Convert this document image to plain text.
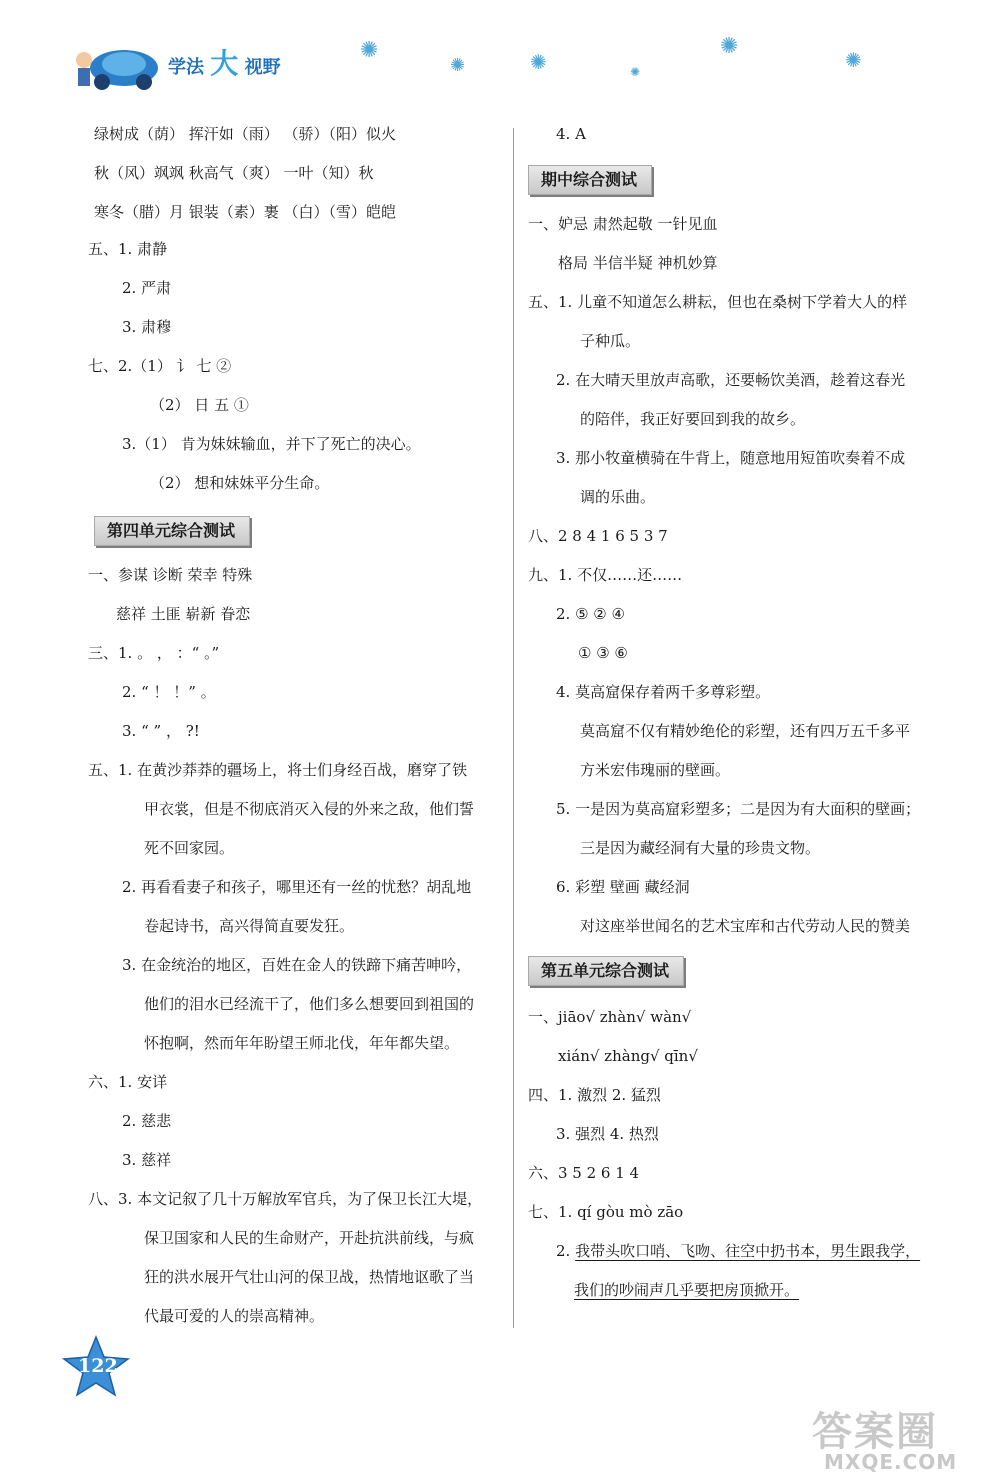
学法 大 视野
✺
✺	✺
✺
✺
✺
绿树成（荫） 挥汗如（雨） （骄）（阳）似火
秋（风）飒飒 秋高气（爽） 一叶（知）秋
寒冬（腊）月 银装（素）裹 （白）（雪）皑皑
五、1. 肃静
2. 严肃
3. 肃穆
七、2.（1） 讠 七 ②
（2） 日 五 ①
3.（1） 肯为妹妹输血，并下了死亡的决心。
（2） 想和妹妹平分生命。
第四单元综合测试
一、参谋 诊断 荣幸 特殊
慈祥 土匪 崭新 眷恋
三、1. 。 ， ：“ 。”
2. “ ！ ！” 。
3. “ ” ， ?!
五、1. 在黄沙莽莽的疆场上，将士们身经百战，磨穿了铁
甲衣裳，但是不彻底消灭入侵的外来之敌，他们誓
死不回家园。
2. 再看看妻子和孩子，哪里还有一丝的忧愁？胡乱地
卷起诗书，高兴得简直要发狂。
3. 在金统治的地区，百姓在金人的铁蹄下痛苦呻吟，
他们的泪水已经流干了，他们多么想要回到祖国的
怀抱啊，然而年年盼望王师北伐，年年都失望。
六、1. 安详
2. 慈悲
3. 慈祥
八、3. 本文记叙了几十万解放军官兵，为了保卫长江大堤，
保卫国家和人民的生命财产，开赴抗洪前线，与疯
狂的洪水展开气壮山河的保卫战，热情地讴歌了当
代最可爱的人的崇高精神。
4. A
期中综合测试
一、妒忌 肃然起敬 一针见血
格局 半信半疑 神机妙算
五、1. 儿童不知道怎么耕耘，但也在桑树下学着大人的样
子种瓜。
2. 在大晴天里放声高歌，还要畅饮美酒，趁着这春光
的陪伴，我正好要回到我的故乡。
3. 那小牧童横骑在牛背上，随意地用短笛吹奏着不成
调的乐曲。
八、2 8 4 1 6 5 3 7
九、1. 不仅……还……
2. ⑤ ② ④
① ③ ⑥
4. 莫高窟保存着两千多尊彩塑。
莫高窟不仅有精妙绝伦的彩塑，还有四万五千多平
方米宏伟瑰丽的壁画。
5. 一是因为莫高窟彩塑多；二是因为有大面积的壁画；
三是因为藏经洞有大量的珍贵文物。
6. 彩塑 壁画 藏经洞
对这座举世闻名的艺术宝库和古代劳动人民的赞美
第五单元综合测试
一、jiāo√ zhàn√ wàn√
xián√ zhàng√ qīn√
四、1. 激烈 2. 猛烈
3. 强烈 4. 热烈
六、3 5 2 6 1 4
七、1. qí gòu mò zāo
2. 我带头吹口哨、飞吻、往空中扔书本，男生跟我学，
我们的吵闹声几乎要把房顶掀开。
122
答案圈
MXQE.COM
